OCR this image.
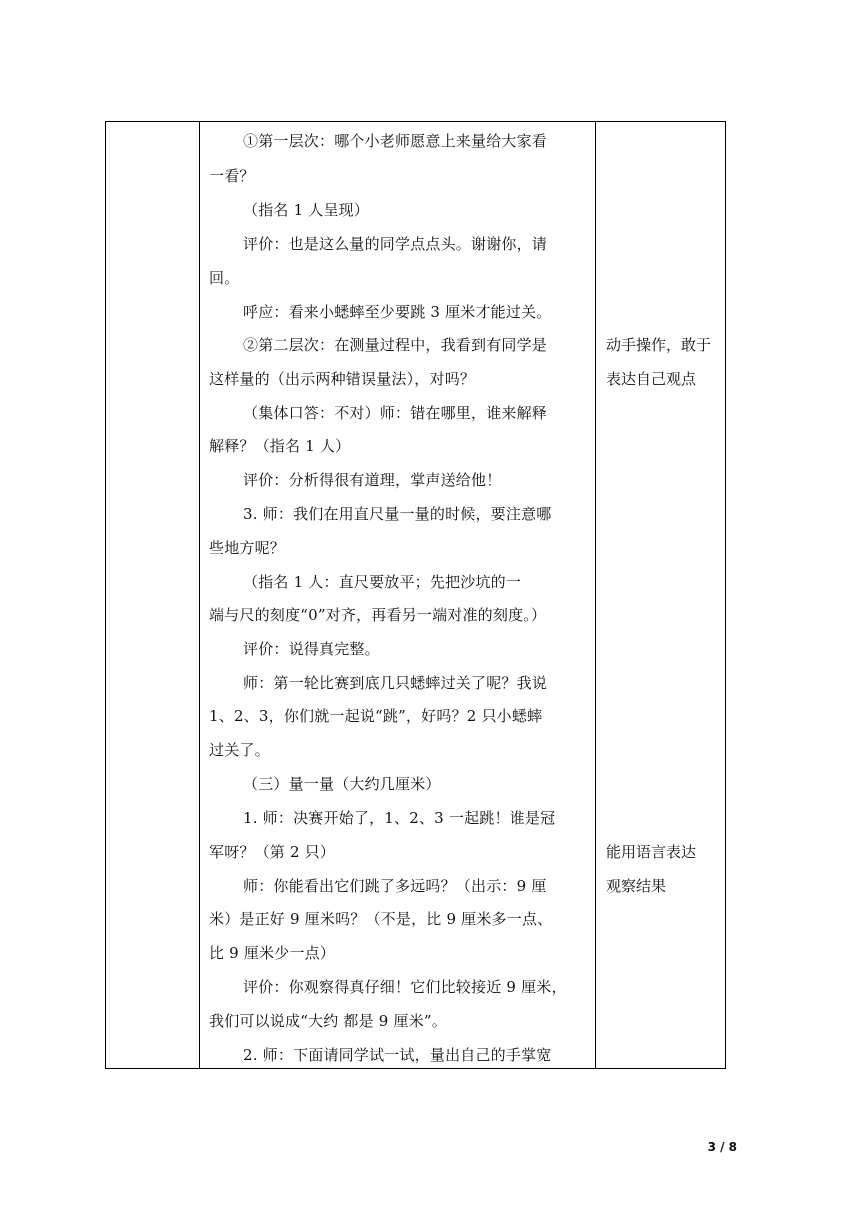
①第一层次：哪个小老师愿意上来量给大家看
一看？
（指名 1 人呈现）
评价：也是这么量的同学点点头。谢谢你，请
回。
呼应：看来小蟋蟀至少要跳 3 厘米才能过关。
②第二层次：在测量过程中，我看到有同学是
这样量的（出示两种错误量法），对吗？
（集体口答：不对）师：错在哪里，谁来解释
解释？（指名 1 人）
评价：分析得很有道理，掌声送给他！
3. 师：我们在用直尺量一量的时候，要注意哪
些地方呢？
（指名 1 人：直尺要放平；先把沙坑的一
端与尺的刻度“0”对齐，再看另一端对准的刻度。）
评价：说得真完整。
师：第一轮比赛到底几只蟋蟀过关了呢？我说
1、2、3，你们就一起说“跳”，好吗？2 只小蟋蟀
过关了。
（三）量一量（大约几厘米）
1. 师：决赛开始了，1、2、3 一起跳！谁是冠
军呀？（第 2 只）
师：你能看出它们跳了多远吗？（出示：9 厘
米）是正好 9 厘米吗？（不是，比 9 厘米多一点、
比 9 厘米少一点）
评价：你观察得真仔细！它们比较接近 9 厘米，
我们可以说成“大约 都是 9 厘米”。
2. 师：下面请同学试一试，量出自己的手掌宽
动手操作，敢于
表达自己观点
能用语言表达
观察结果
3 / 8
